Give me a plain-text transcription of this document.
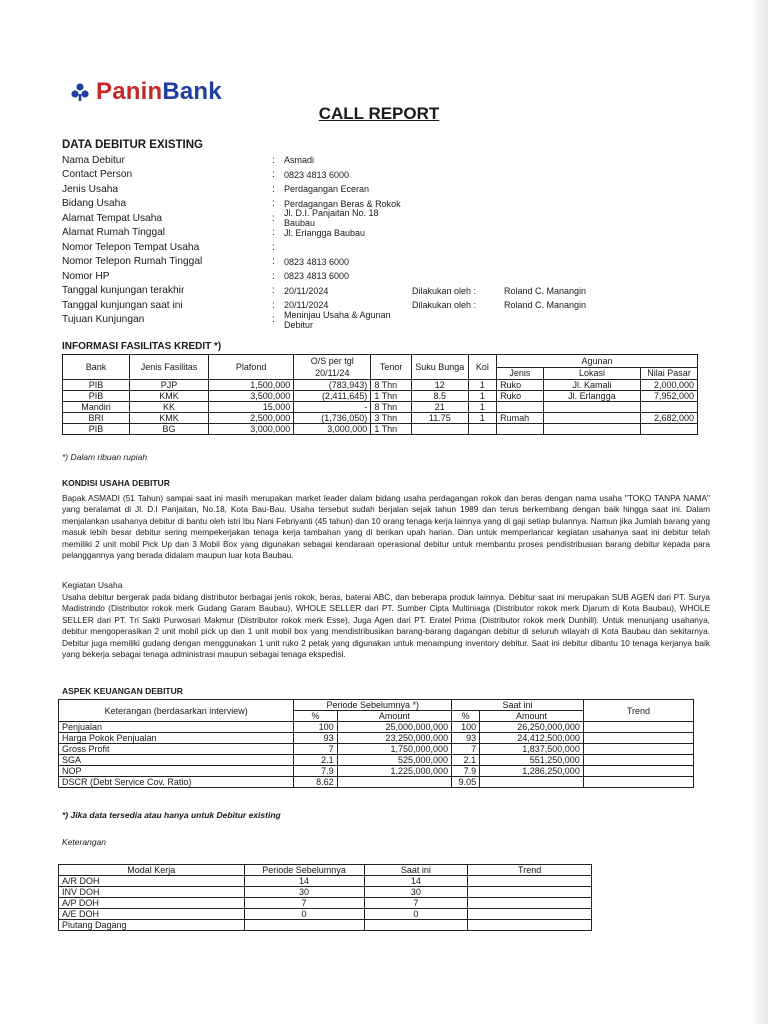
PaninBank
CALL REPORT
DATA DEBITUR EXISTING
Nama Debitur	:	Asmadi
Contact Person	:	0823 4813 6000
Jenis Usaha	:	Perdagangan Eceran
Bidang Usaha	:	Perdagangan Beras & Rokok
Alamat Tempat Usaha	:	Jl. D.I. Panjaitan No. 18 Baubau
Alamat Rumah Tinggal	:	Jl. Erlangga Baubau
Nomor Telepon Tempat Usaha	:
Nomor Telepon Rumah Tinggal	:	0823 4813 6000
Nomor HP	:	0823 4813 6000
Tanggal kunjungan terakhir	:	20/11/2024	Dilakukan oleh :	Roland C. Manangin
Tanggal kunjungan saat ini	:	20/11/2024	Dilakukan oleh :	Roland C. Manangin
Tujuan Kunjungan	:	Meninjau Usaha & Agunan Debitur
INFORMASI FASILITAS KREDIT *)
Bank	Jenis Fasilitas	Plafond	O/S per tgl 20/11/24	Tenor	Suku Bunga	Kol	Agunan		
							Jenis	Lokasi	Nilai Pasar
PIB	PJP	1,500,000	(783,943)	8 Thn	12	1	Ruko	Jl. Kamali	2,000,000
PIB	KMK	3,500,000	(2,411,645)	1 Thn	8.5	1	Ruko	Jl. Erlangga	7,952,000
Mandiri	KK	15,000	-	8 Thn	21	1			
BRI	KMK	2,500,000	(1,736,050)	3 Thn	11.75	1	Rumah		2,682,000
PIB	BG	3,000,000	3,000,000	1 Thn					
*) Dalam ribuan rupiah
KONDISI USAHA DEBITUR
Bapak ASMADI (51 Tahun) sampai saat ini masih merupakan market leader dalam bidang usaha perdagangan rokok dan beras dengan nama usaha "TOKO TANPA NAMA" yang beralamat di Jl. D.I Panjaitan, No.18, Kota Bau-Bau. Usaha tersebut sudah berjalan sejak tahun 1989 dan terus berkembang dengan baik hingga saat ini. Dalam menjalankan usahanya debitur di bantu oleh istri Ibu Nani Febriyanti (45 tahun) dan 10 orang tenaga kerja lainnya yang di gaji setiap bulannya. Namun jika Jumlah barang yang masuk lebih besar debitur sering mempekerjakan tenaga kerja tambahan yang di berikan upah harian. Dan untuk memperlancar kegiatan usahanya saat ini debitur telah memiliki 2 unit mobil Pick Up dan 3 Mobil Box yang digunakan sebagai kendaraan operasional debitur untuk membantu proses pendistribusian barang debitur kepada para pelanggannya yang berada didalam maupun luar kota Baubau.
Kegiatan Usaha
Usaha debitur bergerak pada bidang distributor berbagai jenis rokok, beras, baterai ABC, dan beberapa produk lainnya. Debitur saat ini merupakan SUB AGEN dari PT. Surya Madistrindo (Distributor rokok merk Gudang Garam Baubau), WHOLE SELLER dari PT. Sumber Cipta Multiniaga (Distributor rokok merk Djarum di Kota Baubau), WHOLE SELLER dari PT. Tri Sakti Purwosari Makmur (Distributor rokok merk Esse), Juga Agen dari PT. Eratel Prima (Distributor rokok merk Dunhill). Untuk menunjang usahanya, debitur mengoperasikan 2 unit mobil pick up dan 1 unit mobil box yang mendistribusikan barang-barang dagangan debitur di seluruh wilayah di Kota Baubau dan sekitarnya. Debitur juga memiliki gudang dengan menggunakan 1 unit ruko 2 petak yang digunakan untuk menampung inventory debitur. Saat ini debitur dibantu 10 tenaga kerjanya baik yang bekerja sebagai tenaga administrasi maupun sebagai tenaga ekspedisi.
ASPEK KEUANGAN DEBITUR
Keterangan (berdasarkan interview)	Periode Sebelumnya *)		Saat ini		Trend
	%	Amount	%	Amount	
Penjualan	100	25,000,000,000	100	26,250,000,000	
Harga Pokok Penjualan	93	23,250,000,000	93	24,412,500,000	
Gross Profit	7	1,750,000,000	7	1,837,500,000	
SGA	2.1	525,000,000	2.1	551,250,000	
NOP	7.9	1,225,000,000	7.9	1,286,250,000	
DSCR (Debt Service Cov. Ratio)	8.62		9.05		
*) Jika data tersedia atau hanya untuk Debitur existing
Keterangan
Modal Kerja	Periode Sebelumnya	Saat ini	Trend
A/R DOH	14	14	
INV DOH	30	30	
A/P DOH	7	7	
A/E DOH	0	0	
Piutang Dagang			
